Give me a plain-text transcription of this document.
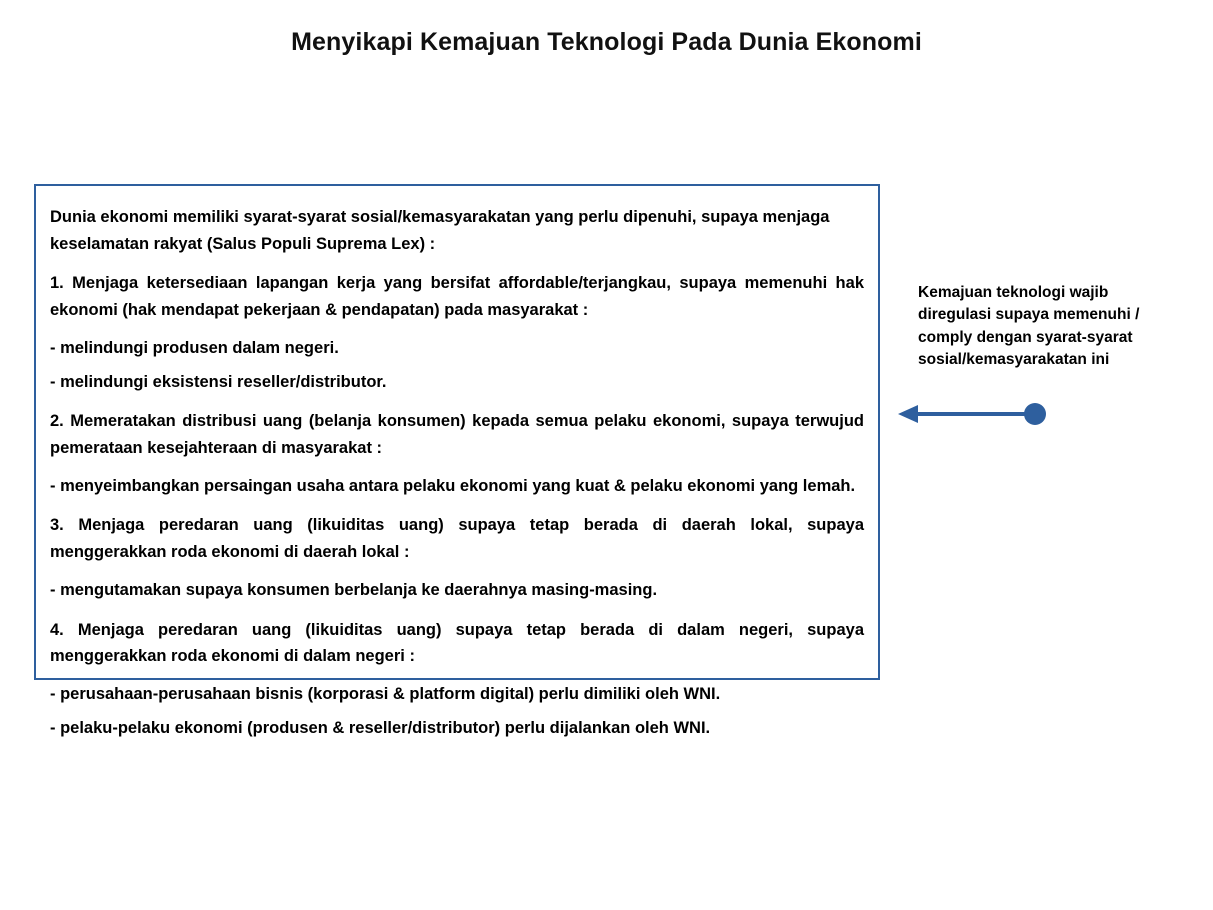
Menyikapi Kemajuan Teknologi Pada Dunia Ekonomi

Dunia ekonomi memiliki syarat-syarat sosial/kemasyarakatan yang perlu dipenuhi, supaya menjaga keselamatan rakyat (Salus Populi Suprema Lex) :

1. Menjaga ketersediaan lapangan kerja yang bersifat affordable/terjangkau, supaya memenuhi hak ekonomi (hak mendapat pekerjaan & pendapatan) pada masyarakat :

- melindungi produsen dalam negeri.

- melindungi eksistensi reseller/distributor.

2. Memeratakan distribusi uang (belanja konsumen) kepada semua pelaku ekonomi, supaya terwujud pemerataan kesejahteraan di masyarakat :

- menyeimbangkan persaingan usaha antara pelaku ekonomi yang kuat & pelaku ekonomi yang lemah.

3. Menjaga peredaran uang (likuiditas uang) supaya tetap berada di daerah lokal, supaya menggerakkan roda ekonomi di daerah lokal :

- mengutamakan supaya konsumen berbelanja ke daerahnya masing-masing.

4. Menjaga peredaran uang (likuiditas uang) supaya tetap berada di dalam negeri, supaya menggerakkan roda ekonomi di dalam negeri :

- perusahaan-perusahaan bisnis (korporasi & platform digital) perlu dimiliki oleh WNI.

- pelaku-pelaku ekonomi (produsen & reseller/distributor) perlu dijalankan oleh WNI.

Kemajuan teknologi wajib diregulasi supaya memenuhi / comply dengan syarat-syarat sosial/kemasyarakatan ini
